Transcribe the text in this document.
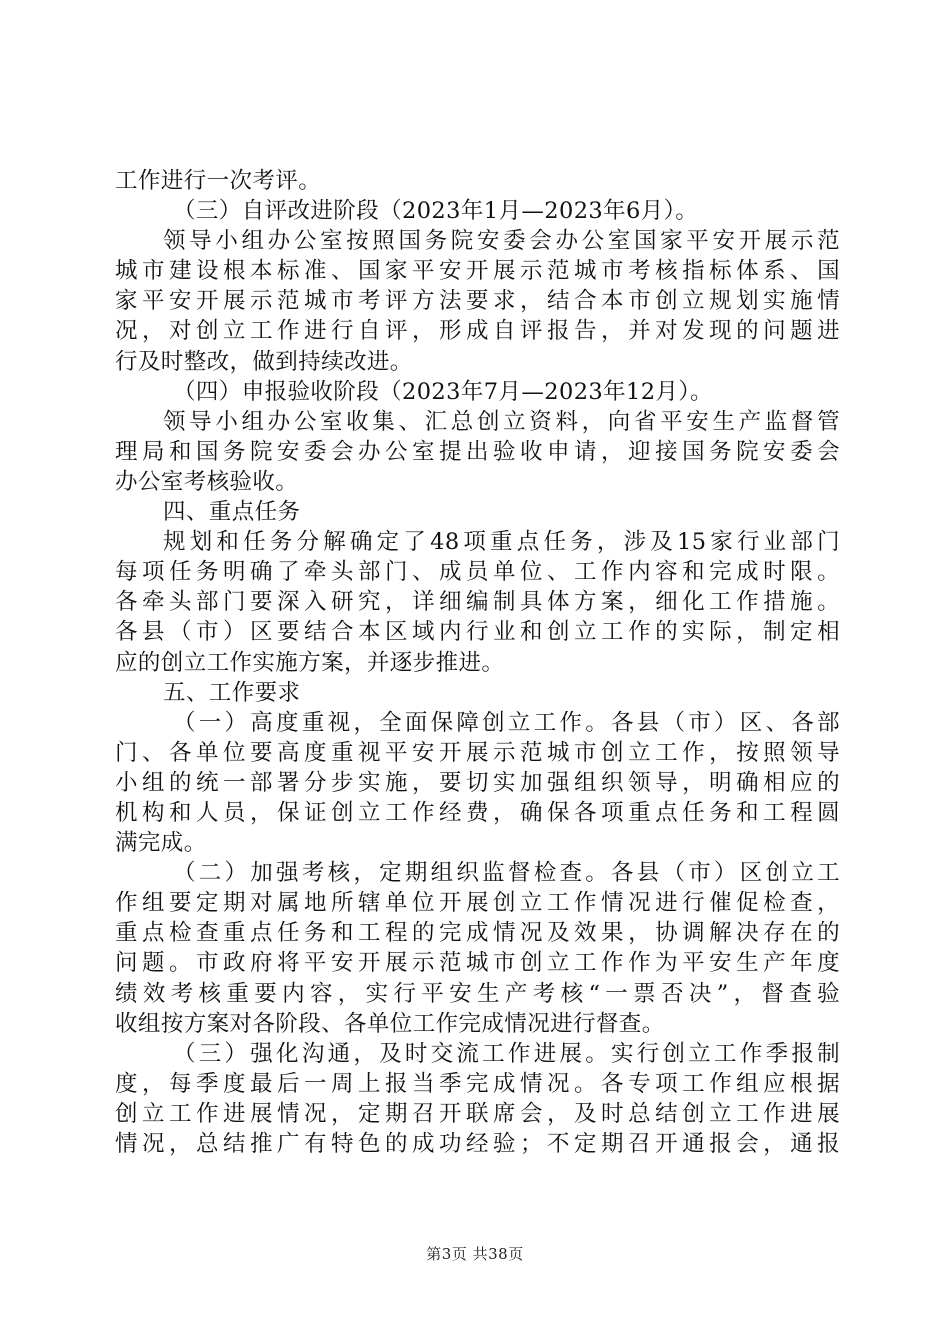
工作进行一次考评。
（三）自评改进阶段（2023年1月—2023年6月）。
领导小组办公室按照国务院安委会办公室国家平安开展示范
城市建设根本标准、国家平安开展示范城市考核指标体系、国
家平安开展示范城市考评方法要求，结合本市创立规划实施情
况，对创立工作进行自评，形成自评报告，并对发现的问题进
行及时整改，做到持续改进。
（四）申报验收阶段（2023年7月—2023年12月）。
领导小组办公室收集、汇总创立资料，向省平安生产监督管
理局和国务院安委会办公室提出验收申请，迎接国务院安委会
办公室考核验收。
四、重点任务
规划和任务分解确定了48项重点任务，涉及15家行业部门
每项任务明确了牵头部门、成员单位、工作内容和完成时限。
各牵头部门要深入研究，详细编制具体方案，细化工作措施。
各县（市）区要结合本区域内行业和创立工作的实际，制定相
应的创立工作实施方案，并逐步推进。
五、工作要求
（一）高度重视，全面保障创立工作。各县（市）区、各部
门、各单位要高度重视平安开展示范城市创立工作，按照领导
小组的统一部署分步实施，要切实加强组织领导，明确相应的
机构和人员，保证创立工作经费，确保各项重点任务和工程圆
满完成。
（二）加强考核，定期组织监督检查。各县（市）区创立工
作组要定期对属地所辖单位开展创立工作情况进行催促检查，
重点检查重点任务和工程的完成情况及效果，协调解决存在的
问题。市政府将平安开展示范城市创立工作作为平安生产年度
绩效考核重要内容，实行平安生产考核“一票否决”，督查验
收组按方案对各阶段、各单位工作完成情况进行督查。
（三）强化沟通，及时交流工作进展。实行创立工作季报制
度，每季度最后一周上报当季完成情况。各专项工作组应根据
创立工作进展情况，定期召开联席会，及时总结创立工作进展
情况，总结推广有特色的成功经验；不定期召开通报会，通报
第3页 共38页
